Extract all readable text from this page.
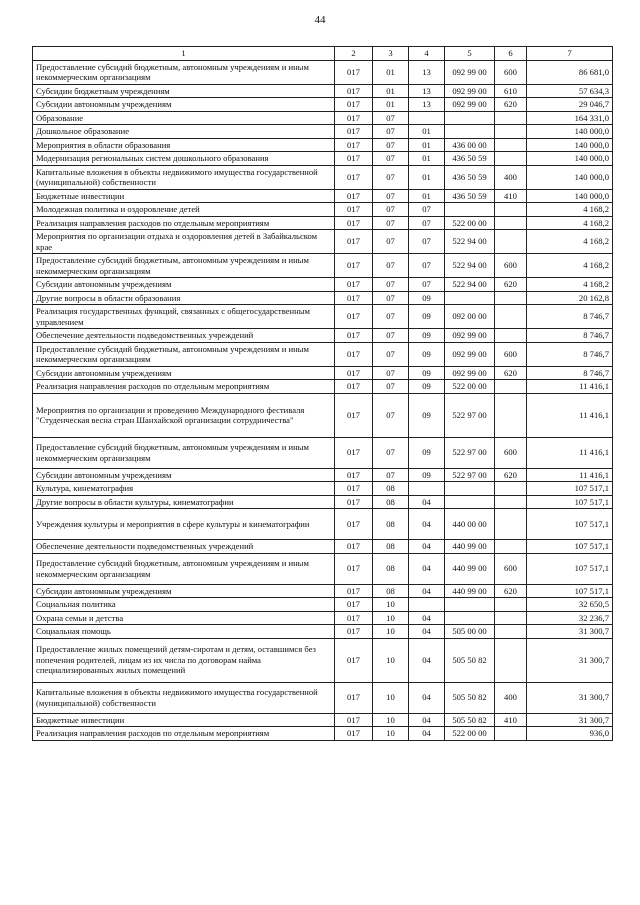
44
1	2	3	4	5	6	7
Предоставление субсидий бюджетным, автономным учреждениям и иным некоммерческим организациям	017	01	13	092 99 00	600	86 681,0
Субсидии бюджетным учреждениям	017	01	13	092 99 00	610	57 634,3
Субсидии автономным учреждениям	017	01	13	092 99 00	620	29 046,7
Образование	017	07				164 331,0
Дошкольное образование	017	07	01			140 000,0
Мероприятия в области образования	017	07	01	436 00 00		140 000,0
Модернизация региональных систем дошкольного образования	017	07	01	436 50 59		140 000,0
Капитальные вложения в объекты недвижимого имущества государственной (муниципальной) собственности	017	07	01	436 50 59	400	140 000,0
Бюджетные инвестиции	017	07	01	436 50 59	410	140 000,0
Молодежная политика и оздоровление детей	017	07	07			4 168,2
Реализация направления расходов по отдельным мероприятиям	017	07	07	522 00 00		4 168,2
Мероприятия по организации отдыха и оздоровления детей в Забайкальском крае	017	07	07	522 94 00		4 168,2
Предоставление субсидий бюджетным, автономным учреждениям и иным некоммерческим организациям	017	07	07	522 94 00	600	4 168,2
Субсидии автономным учреждениям	017	07	07	522 94 00	620	4 168,2
Другие вопросы в области образования	017	07	09			20 162,8
Реализация государственных функций, связанных с общегосударственным управлением	017	07	09	092 00 00		8 746,7
Обеспечение деятельности подведомственных учреждений	017	07	09	092 99 00		8 746,7
Предоставление субсидий бюджетным, автономным учреждениям и иным некоммерческим организациям	017	07	09	092 99 00	600	8 746,7
Субсидии автономным учреждениям	017	07	09	092 99 00	620	8 746,7
Реализация направления расходов по отдельным мероприятиям	017	07	09	522 00 00		11 416,1
Мероприятия по организации и проведению Международного фестиваля "Студенческая весна стран Шанхайской организации сотрудничества"	017	07	09	522 97 00		11 416,1
Предоставление субсидий бюджетным, автономным учреждениям и иным некоммерческим организациям	017	07	09	522 97 00	600	11 416,1
Субсидии автономным учреждениям	017	07	09	522 97 00	620	11 416,1
Культура, кинематография	017	08				107 517,1
Другие вопросы в области культуры, кинематографии	017	08	04			107 517,1
Учреждения культуры и мероприятия в сфере культуры и кинематографии	017	08	04	440 00 00		107 517,1
Обеспечение деятельности подведомственных учреждений	017	08	04	440 99 00		107 517,1
Предоставление субсидий бюджетным, автономным учреждениям и иным некоммерческим организациям	017	08	04	440 99 00	600	107 517,1
Субсидии автономным учреждениям	017	08	04	440 99 00	620	107 517,1
Социальная политика	017	10				32 650,5
Охрана семьи и детства	017	10	04			32 236,7
Социальная помощь	017	10	04	505 00 00		31 300,7
Предоставление жилых помещений детям-сиротам и детям, оставшимся без попечения родителей, лицам из их числа по договорам найма специализированных жилых помещений	017	10	04	505 50 82		31 300,7
Капитальные вложения в объекты недвижимого имущества государственной (муниципальной) собственности	017	10	04	505 50 82	400	31 300,7
Бюджетные инвестиции	017	10	04	505 50 82	410	31 300,7
Реализация направления расходов по отдельным мероприятиям	017	10	04	522 00 00		936,0
